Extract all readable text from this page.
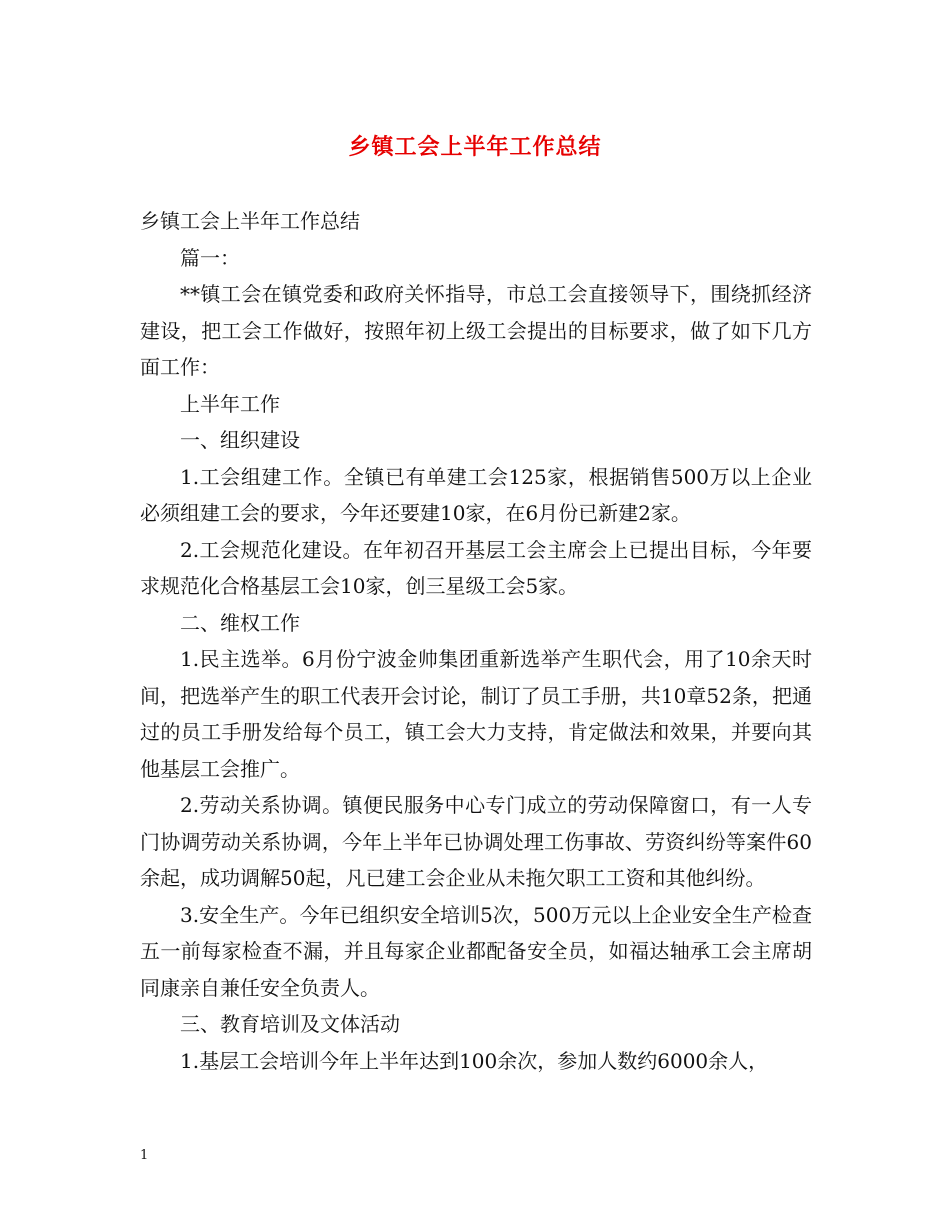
乡镇工会上半年工作总结

乡镇工会上半年工作总结

篇一：

**镇工会在镇党委和政府关怀指导，市总工会直接领导下，围绕抓经济建设，把工会工作做好，按照年初上级工会提出的目标要求，做了如下几方面工作：

上半年工作

一、组织建设

1.工会组建工作。全镇已有单建工会125家，根据销售500万以上企业必须组建工会的要求，今年还要建10家，在6月份已新建2家。

2.工会规范化建设。在年初召开基层工会主席会上已提出目标，今年要求规范化合格基层工会10家，创三星级工会5家。

二、维权工作

1.民主选举。6月份宁波金帅集团重新选举产生职代会，用了10余天时间，把选举产生的职工代表开会讨论，制订了员工手册，共10章52条，把通过的员工手册发给每个员工，镇工会大力支持，肯定做法和效果，并要向其他基层工会推广。

2.劳动关系协调。镇便民服务中心专门成立的劳动保障窗口，有一人专门协调劳动关系协调，今年上半年已协调处理工伤事故、劳资纠纷等案件60余起，成功调解50起，凡已建工会企业从未拖欠职工工资和其他纠纷。

3.安全生产。今年已组织安全培训5次，500万元以上企业安全生产检查五一前每家检查不漏，并且每家企业都配备安全员，如福达轴承工会主席胡同康亲自兼任安全负责人。

三、教育培训及文体活动

1.基层工会培训今年上半年达到100余次，参加人数约6000余人，

1
